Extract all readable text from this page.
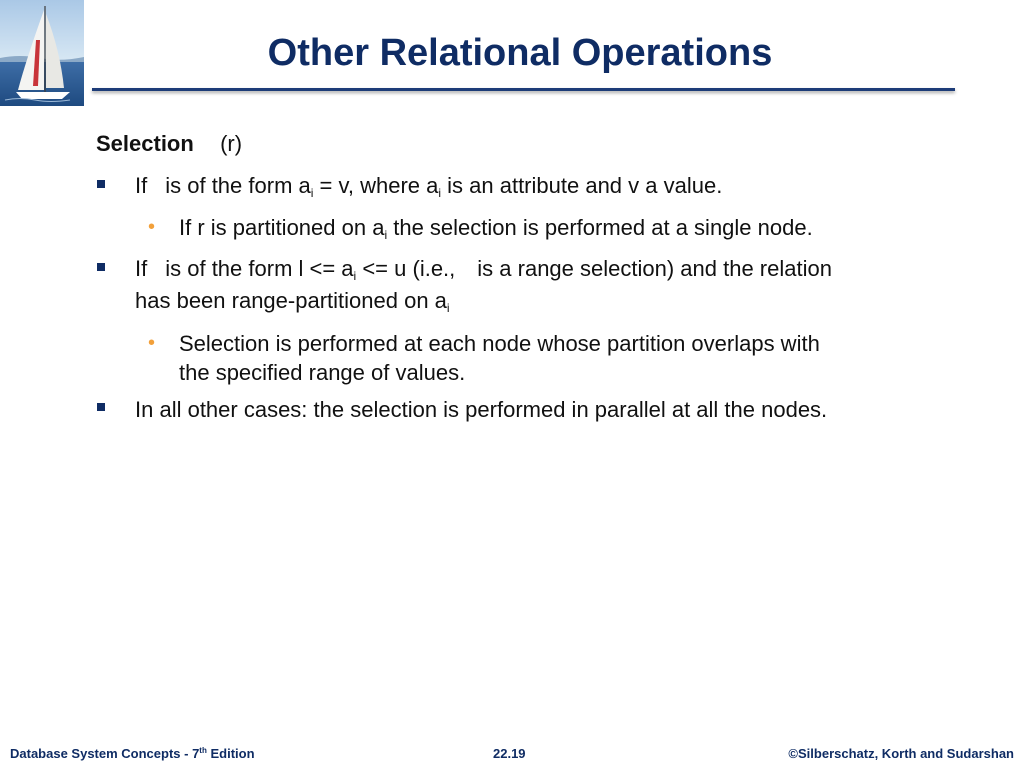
Other Relational Operations
Selection (r)
If is of the form $a_i = v$, where $a_i$ is an attribute and v a value.
• If r is partitioned on $a_i$ the selection is performed at a single node.
If is of the form $l <= a_i <= u$ (i.e., is a range selection) and the relation
has been range-partitioned on $a_i$
• Selection is performed at each node whose partition overlaps with
the specified range of values.
In all other cases: the selection is performed in parallel at all the nodes.
Database System Concepts - 7th Edition	22.19	©Silberschatz, Korth and Sudarshan
